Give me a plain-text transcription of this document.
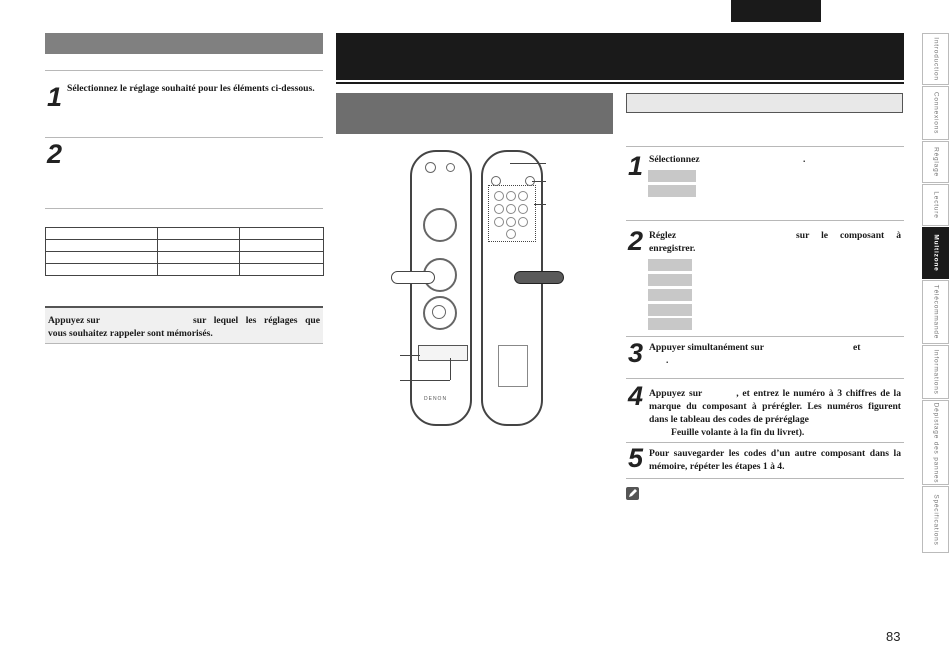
1 Sélectionnez le réglage souhaité pour les éléments ci-dessous.
2

Appuyez sur	sur lequel les réglages que vous souhaitez rappeler sont mémorisés.
DENON
1 Sélectionnez	.
2 Réglez	sur le composant à enregistrer.
3 Appuyer simultanément sur	et
.
4 Appuyez sur	, et entrez le numéro à 3 chiffres de la marque du composant à prérégler. Les numéros figurent dans le tableau des codes de préréglage
Feuille volante à la fin du livret).
5 Pour sauvegarder les codes d’un autre composant dans la mémoire, répéter les étapes 1 à 4.
Introduction
Connexions
Réglage
Lecture
Multizone
Télécommande
Informations
Dépistage des pannes
Spécifications
83
